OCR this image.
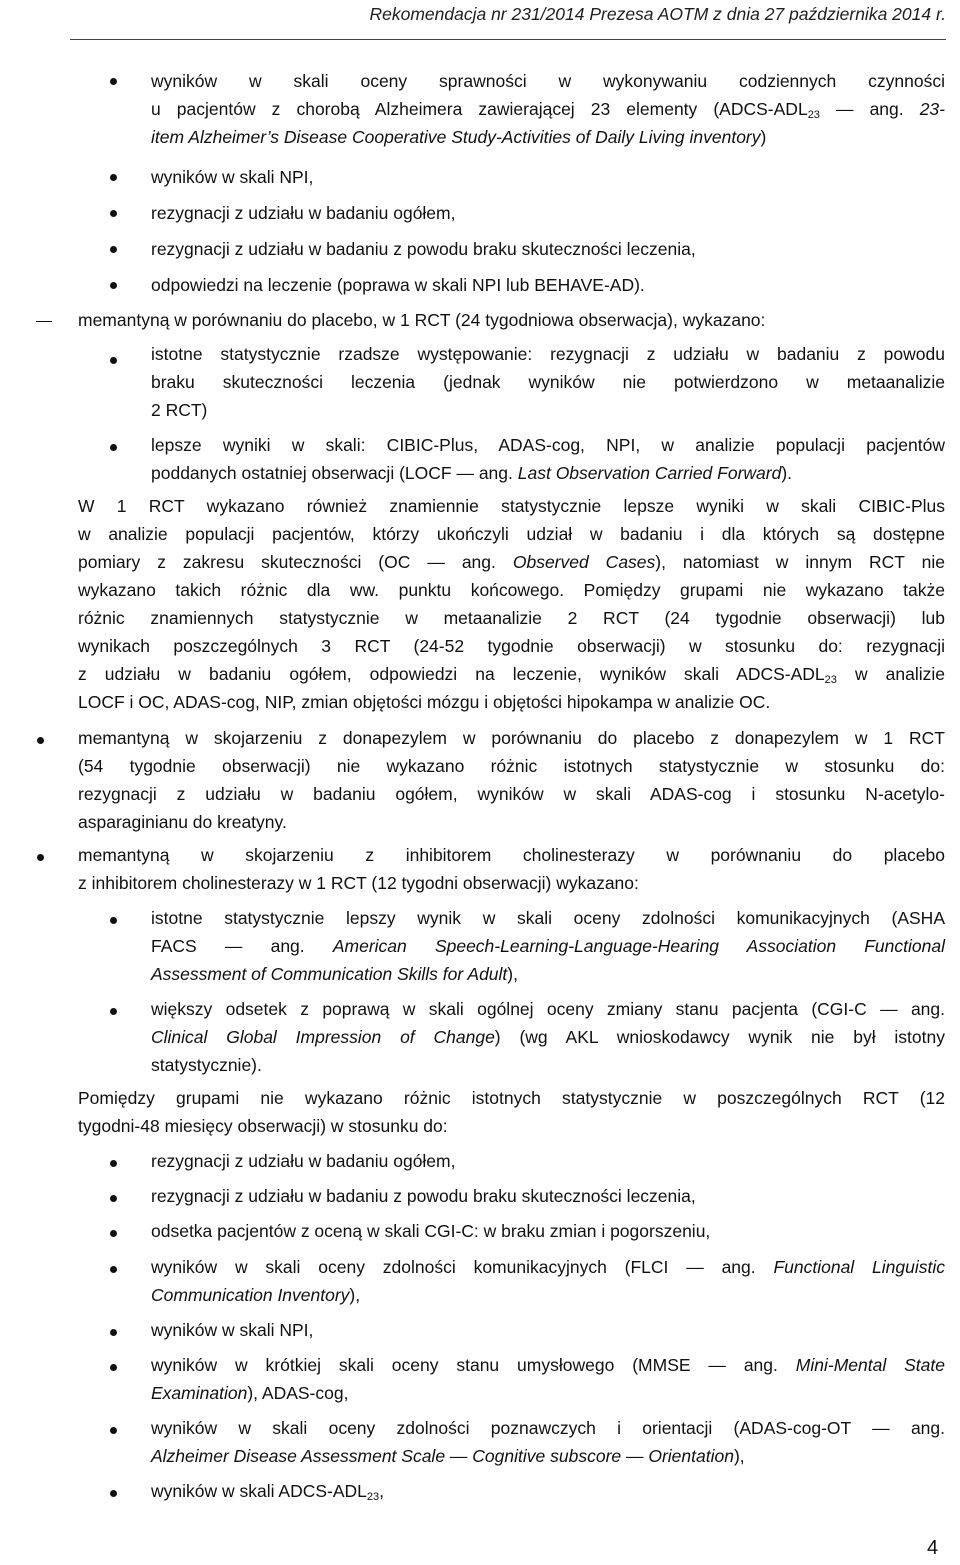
Rekomendacja nr 231/2014 Prezesa AOTM z dnia 27 października 2014 r.
wyników w skali oceny sprawności w wykonywaniu codziennych czynności
u pacjentów z chorobą Alzheimera zawierającej 23 elementy ($ADCS-ADL_{23}$ — ang. 23-
item Alzheimer’s Disease Cooperative Study-Activities of Daily Living inventory)
wyników w skali NPI,
rezygnacji z udziału w badaniu ogółem,
rezygnacji z udziału w badaniu z powodu braku skuteczności leczenia,
odpowiedzi na leczenie (poprawa w skali NPI lub BEHAVE-AD).
memantyną w porównaniu do placebo, w 1 RCT (24 tygodniowa obserwacja), wykazano:
istotne statystycznie rzadsze występowanie: rezygnacji z udziału w badaniu z powodu
braku skuteczności leczenia (jednak wyników nie potwierdzono w metaanalizie
2 RCT)
lepsze wyniki w skali: CIBIC-Plus, ADAS-cog, NPI, w analizie populacji pacjentów
poddanych ostatniej obserwacji (LOCF — ang. Last Observation Carried Forward).
W 1 RCT wykazano również znamiennie statystycznie lepsze wyniki w skali CIBIC-Plus
w analizie populacji pacjentów, którzy ukończyli udział w badaniu i dla których są dostępne
pomiary z zakresu skuteczności (OC — ang. Observed Cases), natomiast w innym RCT nie
wykazano takich różnic dla ww. punktu końcowego. Pomiędzy grupami nie wykazano także
różnic znamiennych statystycznie w metaanalizie 2 RCT (24 tygodnie obserwacji) lub
wynikach poszczególnych 3 RCT (24-52 tygodnie obserwacji) w stosunku do: rezygnacji
z udziału w badaniu ogółem, odpowiedzi na leczenie, wyników skali ADCS-$ADL_{23}$ w analizie
LOCF i OC, ADAS-cog, NIP, zmian objętości mózgu i objętości hipokampa w analizie OC.
memantyną w skojarzeniu z donapezylem w porównaniu do placebo z donapezylem w 1 RCT
(54 tygodnie obserwacji) nie wykazano różnic istotnych statystycznie w stosunku do:
rezygnacji z udziału w badaniu ogółem, wyników w skali ADAS-cog i stosunku N-acetylo-
asparaginianu do kreatyny.
memantyną w skojarzeniu z inhibitorem cholinesterazy w porównaniu do placebo
z inhibitorem cholinesterazy w 1 RCT (12 tygodni obserwacji) wykazano:
istotne statystycznie lepszy wynik w skali oceny zdolności komunikacyjnych (ASHA
FACS — ang. American Speech-Learning-Language-Hearing Association Functional
Assessment of Communication Skills for Adult),
większy odsetek z poprawą w skali ogólnej oceny zmiany stanu pacjenta (CGI-C — ang.
Clinical Global Impression of Change) (wg AKL wnioskodawcy wynik nie był istotny
statystycznie).
Pomiędzy grupami nie wykazano różnic istotnych statystycznie w poszczególnych RCT (12
tygodni-48 miesięcy obserwacji) w stosunku do:
rezygnacji z udziału w badaniu ogółem,
rezygnacji z udziału w badaniu z powodu braku skuteczności leczenia,
odsetka pacjentów z oceną w skali CGI-C: w braku zmian i pogorszeniu,
wyników w skali oceny zdolności komunikacyjnych (FLCI — ang. Functional Linguistic
Communication Inventory),
wyników w skali NPI,
wyników w krótkiej skali oceny stanu umysłowego (MMSE — ang. Mini-Mental State
Examination), ADAS-cog,
wyników w skali oceny zdolności poznawczych i orientacji (ADAS-cog-OT — ang.
Alzheimer Disease Assessment Scale — Cognitive subscore — Orientation),
wyników w skali ADCS-$ADL_{23}$,
4
